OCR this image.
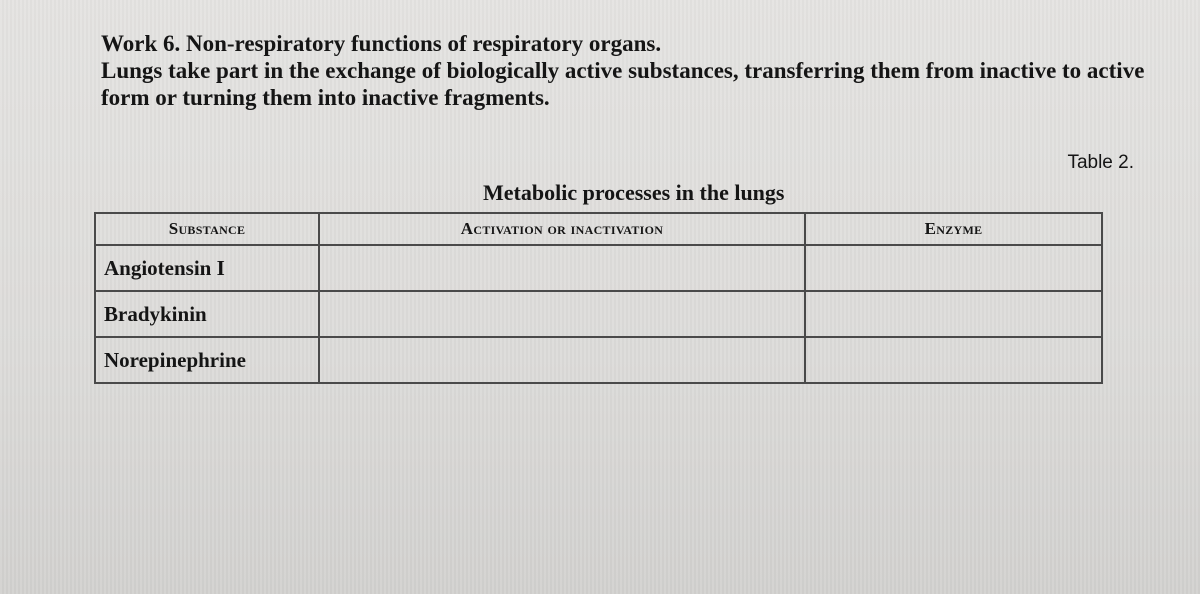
Work 6. Non-respiratory functions of respiratory organs.
Lungs take part in the exchange of biologically active substances, transferring them from inactive to active form or turning them into inactive fragments.
Table 2.
Metabolic processes in the lungs
Substance	Activation or inactivation	Enzyme
Angiotensin I		
Bradykinin		
Norepinephrine		
